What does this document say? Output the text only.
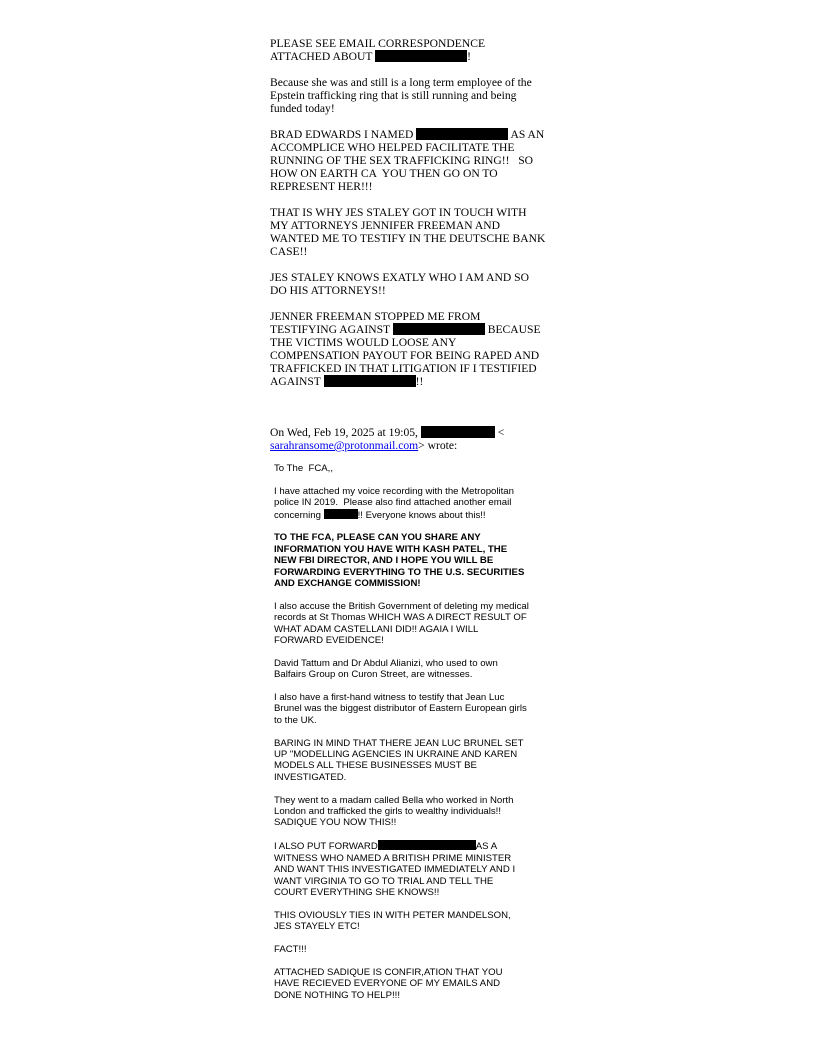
PLEASE SEE EMAIL CORRESPONDENCE
ATTACHED ABOUT	!

Because she was and still is a long term employee of the
Epstein trafficking ring that is still running and being
funded today!

BRAD EDWARDS I NAMED	AS AN
ACCOMPLICE WHO HELPED FACILITATE THE
RUNNING OF THE SEX TRAFFICKING RING!!   SO
HOW ON EARTH CA  YOU THEN GO ON TO
REPRESENT HER!!!

THAT IS WHY JES STALEY GOT IN TOUCH WITH
MY ATTORNEYS JENNIFER FREEMAN AND
WANTED ME TO TESTIFY IN THE DEUTSCHE BANK
CASE!!

JES STALEY KNOWS EXATLY WHO I AM AND SO
DO HIS ATTORNEYS!!

JENNER FREEMAN STOPPED ME FROM
TESTIFYING AGAINST	BECAUSE
THE VICTIMS WOULD LOOSE ANY
COMPENSATION PAYOUT FOR BEING RAPED AND
TRAFFICKED IN THAT LITIGATION IF I TESTIFIED
AGAINST	!!

On Wed, Feb 19, 2025 at 19:05,	<
sarahransome@protonmail.com> wrote:

To The  FCA,,

I have attached my voice recording with the Metropolitan
police IN 2019.  Please also find attached another email
concerning	!! Everyone knows about this!!

TO THE FCA, PLEASE CAN YOU SHARE ANY
INFORMATION YOU HAVE WITH KASH PATEL, THE
NEW FBI DIRECTOR, AND I HOPE YOU WILL BE
FORWARDING EVERYTHING TO THE U.S. SECURITIES
AND EXCHANGE COMMISSION!

I also accuse the British Government of deleting my medical
records at St Thomas WHICH WAS A DIRECT RESULT OF
WHAT ADAM CASTELLANI DID!! AGAIA I WILL
FORWARD EVEIDENCE!

David Tattum and Dr Abdul Alianizi, who used to own
Balfairs Group on Curon Street, are witnesses.

I also have a first-hand witness to testify that Jean Luc
Brunel was the biggest distributor of Eastern European girls
to the UK.

BARING IN MIND THAT THERE JEAN LUC BRUNEL SET
UP "MODELLING AGENCIES IN UKRAINE AND KAREN
MODELS ALL THESE BUSINESSES MUST BE
INVESTIGATED.

They went to a madam called Bella who worked in North
London and trafficked the girls to wealthy individuals!!
SADIQUE YOU NOW THIS!!

I ALSO PUT FORWARD	AS A
WITNESS WHO NAMED A BRITISH PRIME MINISTER
AND WANT THIS INVESTIGATED IMMEDIATELY AND I
WANT VIRGINIA TO GO TO TRIAL AND TELL THE
COURT EVERYTHING SHE KNOWS!!

THIS OVIOUSLY TIES IN WITH PETER MANDELSON,
JES STAYELY ETC!

FACT!!!

ATTACHED SADIQUE IS CONFIR,ATION THAT YOU
HAVE RECIEVED EVERYONE OF MY EMAILS AND
DONE NOTHING TO HELP!!!
